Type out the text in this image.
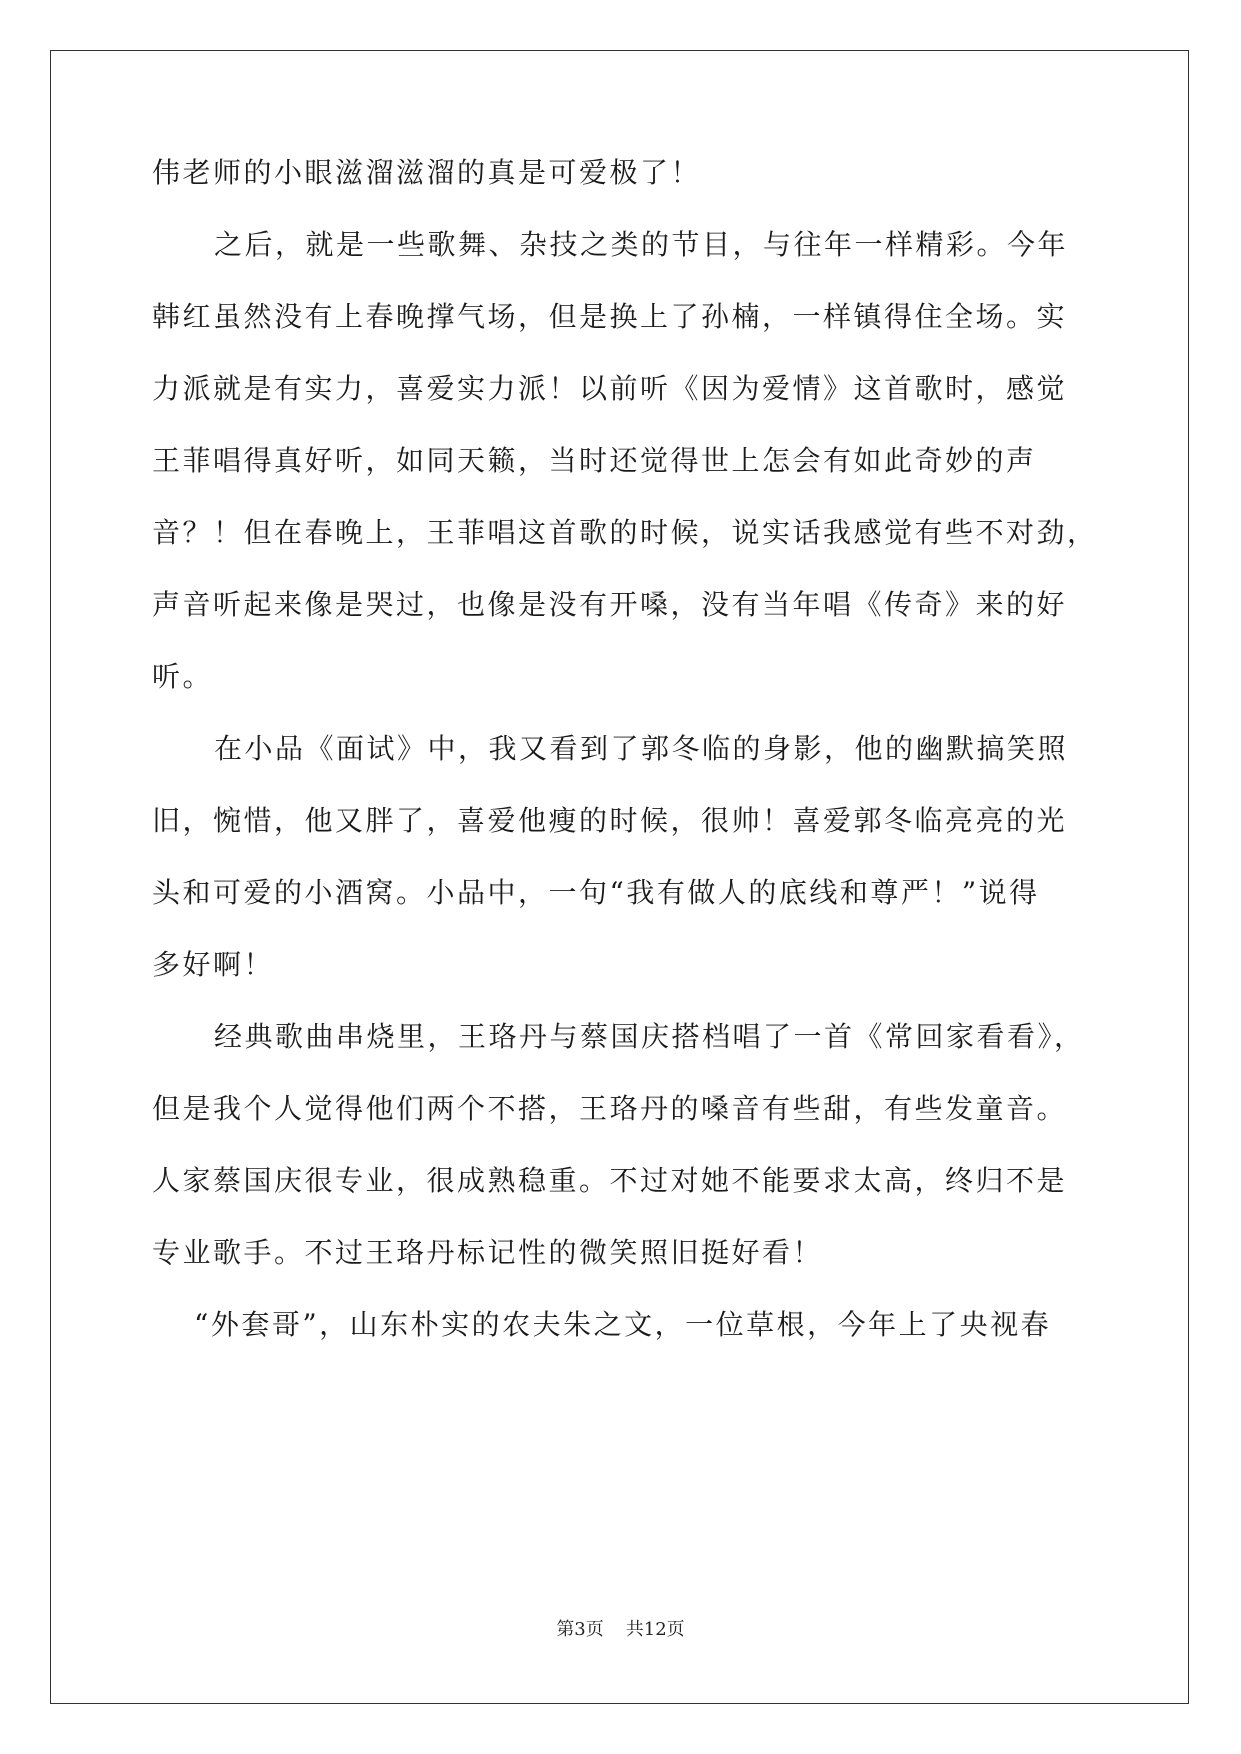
伟老师的小眼滋溜滋溜的真是可爱极了！
之后，就是一些歌舞、杂技之类的节目，与往年一样精彩。今年
韩红虽然没有上春晚撑气场，但是换上了孙楠，一样镇得住全场。实
力派就是有实力，喜爱实力派！以前听《因为爱情》这首歌时，感觉
王菲唱得真好听，如同天籁，当时还觉得世上怎会有如此奇妙的声
音？！但在春晚上，王菲唱这首歌的时候，说实话我感觉有些不对劲，
声音听起来像是哭过，也像是没有开嗓，没有当年唱《传奇》来的好
听。
在小品《面试》中，我又看到了郭冬临的身影，他的幽默搞笑照
旧，惋惜，他又胖了，喜爱他瘦的时候，很帅！喜爱郭冬临亮亮的光
头和可爱的小酒窝。小品中，一句“我有做人的底线和尊严！”说得
多好啊！
经典歌曲串烧里，王珞丹与蔡国庆搭档唱了一首《常回家看看》，
但是我个人觉得他们两个不搭，王珞丹的嗓音有些甜，有些发童音。
人家蔡国庆很专业，很成熟稳重。不过对她不能要求太高，终归不是
专业歌手。不过王珞丹标记性的微笑照旧挺好看！
“外套哥”，山东朴实的农夫朱之文，一位草根，今年上了央视春
第3页 共12页
